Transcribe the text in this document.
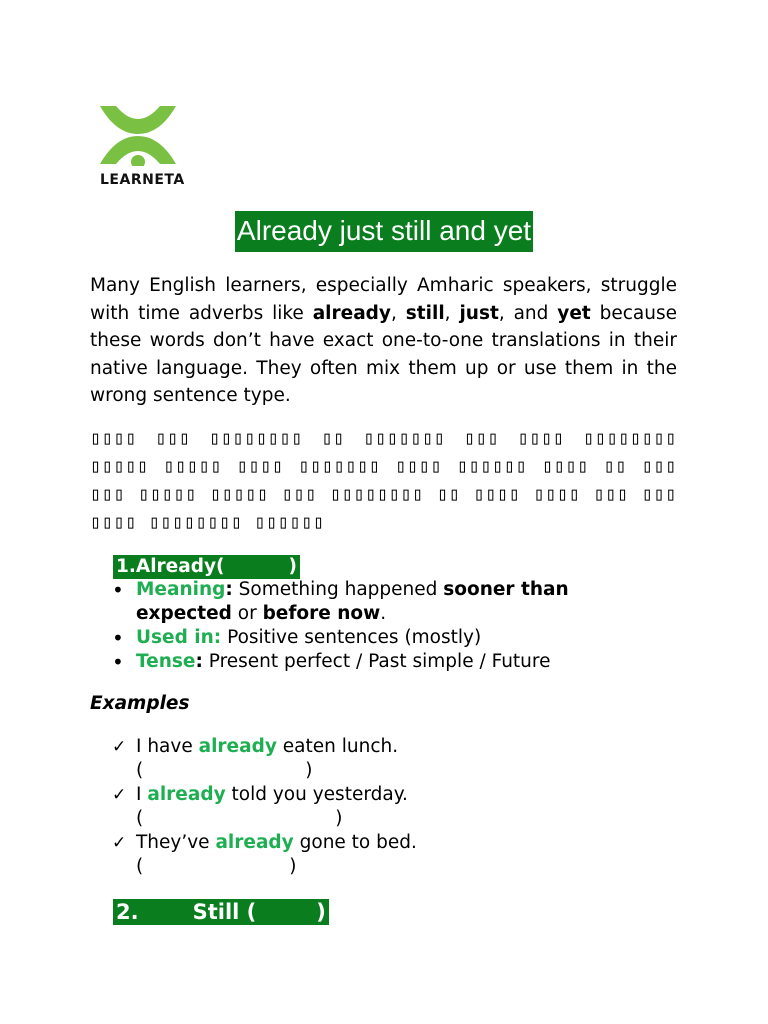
LEARNETA
Already just still and yet
Many English learners, especially Amharic speakers, struggle with time adverbs like already, still, just, and yet because these words don’t have exact one-to-one translations in their native language. They often mix them up or use them in the wrong sentence type.
▯▯▯▯ ▯▯▯ ▯▯▯▯▯▯▯▯ ▯▯ ▯▯▯▯▯▯▯ ▯▯▯ ▯▯▯▯ ▯▯▯▯▯▯▯▯ ▯▯▯▯▯ ▯▯▯▯▯ ▯▯▯▯ ▯▯▯▯▯▯▯ ▯▯▯▯ ▯▯▯▯▯▯ ▯▯▯▯ ▯▯ ▯▯▯ ▯▯▯ ▯▯▯▯▯ ▯▯▯▯▯ ▯▯▯ ▯▯▯▯▯▯▯▯ ▯▯ ▯▯▯▯ ▯▯▯▯ ▯▯▯ ▯▯▯ ▯▯▯▯ ▯▯▯▯▯▯▯▯ ▯▯▯▯▯▯
1.Already(	)
• Meaning: Something happened sooner than expected or before now.
• Used in: Positive sentences (mostly)
• Tense: Present perfect / Past simple / Future
Examples
✓ I have already eaten lunch.
(	)
✓ I already told you yesterday.
(	)
✓ They’ve already gone to bed.
(	)
2.	Still (	)
